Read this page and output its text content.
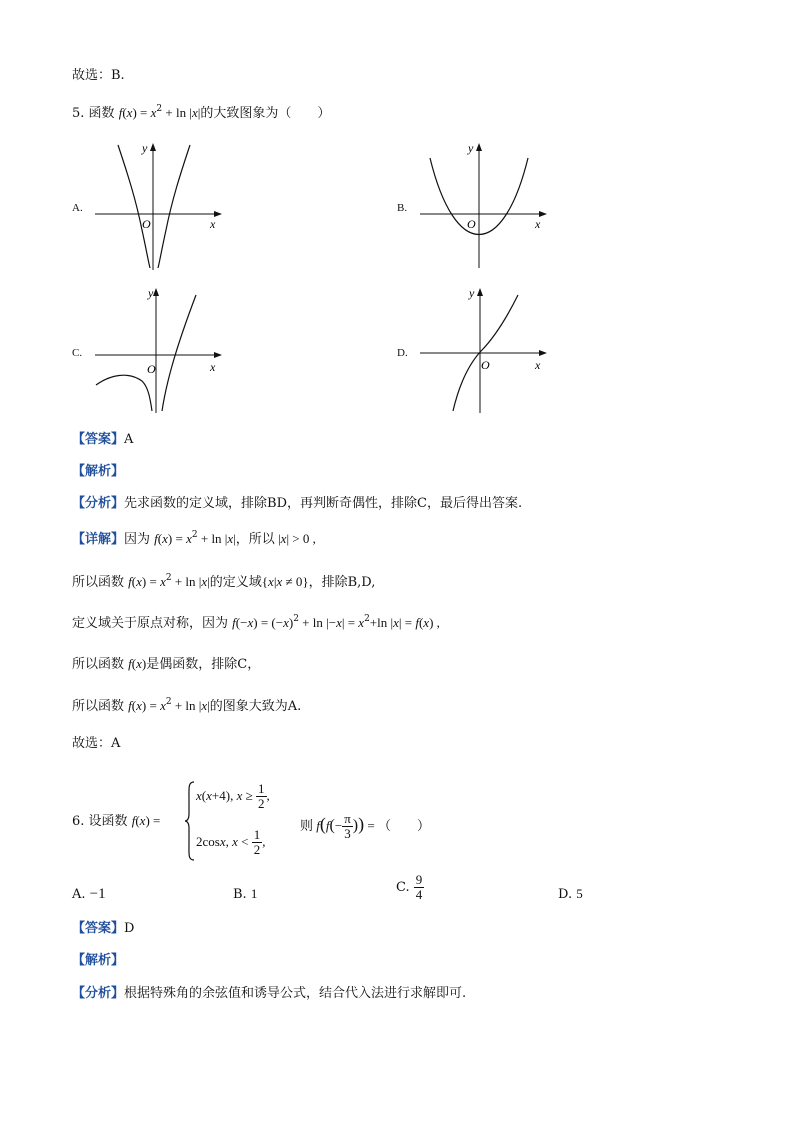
故选：B.
5. 函数 $f(x) = x^2 + \ln |x|$的大致图象为（　　）
A.
x
y
O
B.
x
y
O
C.
x
y
O
D.
x
y
O
【答案】A
【解析】
【分析】先求函数的定义域，排除BD，再判断奇偶性，排除C，最后得出答案.
【详解】因为 $f(x) = x^2 + \ln |x|$，所以 |x| > 0 ,
所以函数 $f(x) = x^2 + \ln |x|$的定义域{x|x ≠ 0}，排除B,D,
定义域关于原点对称，因为 $f(-x) = (-x)^2 + \ln |-x| = x^2+\ln$ |x| = f(x) ,
所以函数 f(x)是偶函数，排除C，
所以函数 $f(x) = x^2 + \ln |x|$的图象大致为A.
故选：A
6. 设函数 f(x) =
x(x+4), $x \ge \frac{1}{2}$ ,
2cosx, $x < \frac{1}{2}$ ,
则 $f(f(- \frac{\pi}{3}$ )) = （　　）
A. −1	B. 1	C. $\frac{9}{4}$	D. 5
【答案】D
【解析】
【分析】根据特殊角的余弦值和诱导公式，结合代入法进行求解即可.
